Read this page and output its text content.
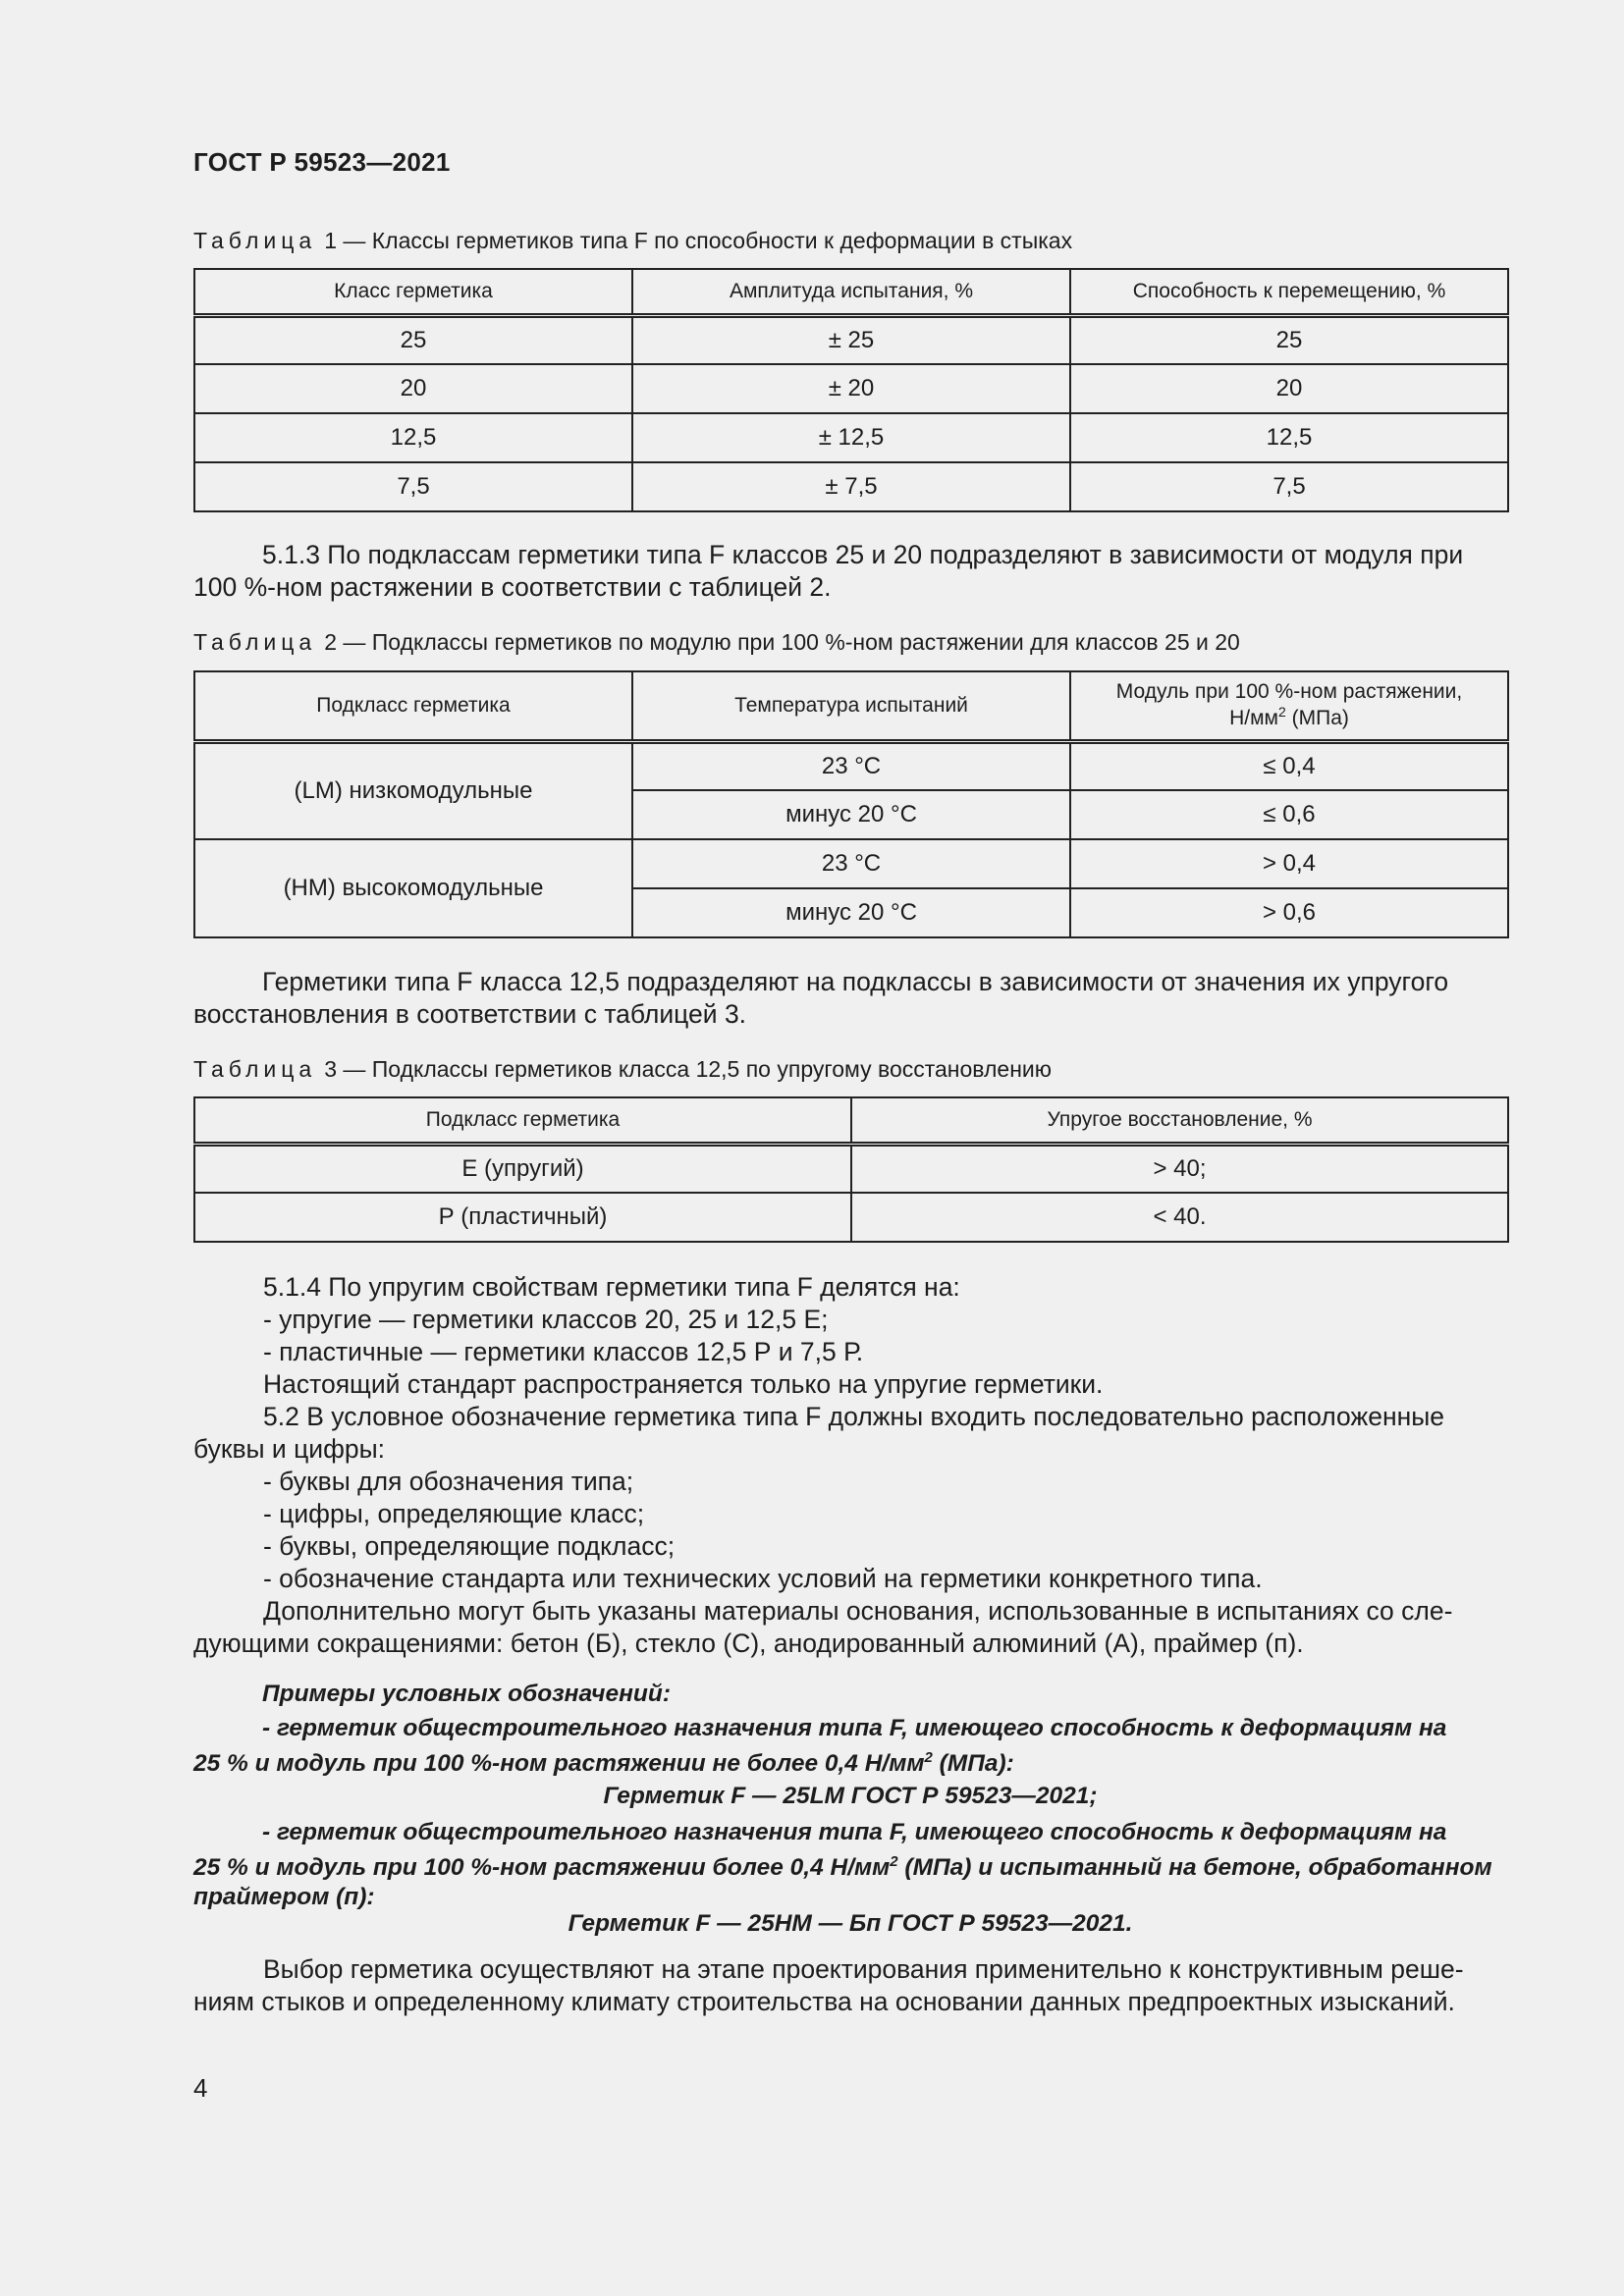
ГОСТ Р 59523—2021
Таблица 1 — Классы герметиков типа F по способности к деформации в стыках
Класс герметика	Амплитуда испытания, %	Способность к перемещению, %
25	± 25	25
20	± 20	20
12,5	± 12,5	12,5
7,5	± 7,5	7,5
5.1.3 По подклассам герметики типа F классов 25 и 20 подразделяют в зависимости от модуля при
100 %-ном растяжении в соответствии с таблицей 2.
Таблица 2 — Подклассы герметиков по модулю при 100 %-ном растяжении для классов 25 и 20
Подкласс герметика	Температура испытаний	Модуль при 100 %-ном растяжении,
$Н/мм^2$ (МПа)
(LM) низкомодульные	23 °С	≤ 0,4
	минус 20 °С	≤ 0,6
(НМ) высокомодульные	23 °С	> 0,4
	минус 20 °С	> 0,6
Герметики типа F класса 12,5 подразделяют на подклассы в зависимости от значения их упругого
восстановления в соответствии с таблицей 3.
Таблица 3 — Подклассы герметиков класса 12,5 по упругому восстановлению
Подкласс герметика	Упругое восстановление, %
Е (упругий)	> 40;
Р (пластичный)	< 40.
5.1.4 По упругим свойствам герметики типа F делятся на:
- упругие — герметики классов 20, 25 и 12,5 Е;
- пластичные — герметики классов 12,5 Р и 7,5 Р.
Настоящий стандарт распространяется только на упругие герметики.
5.2 В условное обозначение герметика типа F должны входить последовательно расположенные
буквы и цифры:
- буквы для обозначения типа;
- цифры, определяющие класс;
- буквы, определяющие подкласс;
- обозначение стандарта или технических условий на герметики конкретного типа.
Дополнительно могут быть указаны материалы основания, использованные в испытаниях со сле-
дующими сокращениями: бетон (Б), стекло (С), анодированный алюминий (А), праймер (п).
Примеры условных обозначений:
- герметик общестроительного назначения типа F, имеющего способность к деформациям на
25 % и модуль при 100 %-ном растяжении не более 0,4 $Н/мм^2$ (МПа):
Герметик F — 25LM ГОСТ Р 59523—2021;
- герметик общестроительного назначения типа F, имеющего способность к деформациям на
25 % и модуль при 100 %-ном растяжении более 0,4 $Н/мм^2$ (МПа) и испытанный на бетоне, обработанном
праймером (п):
Герметик F — 25НМ — Бп ГОСТ Р 59523—2021.
Выбор герметика осуществляют на этапе проектирования применительно к конструктивным реше-
ниям стыков и определенному климату строительства на основании данных предпроектных изысканий.
4
